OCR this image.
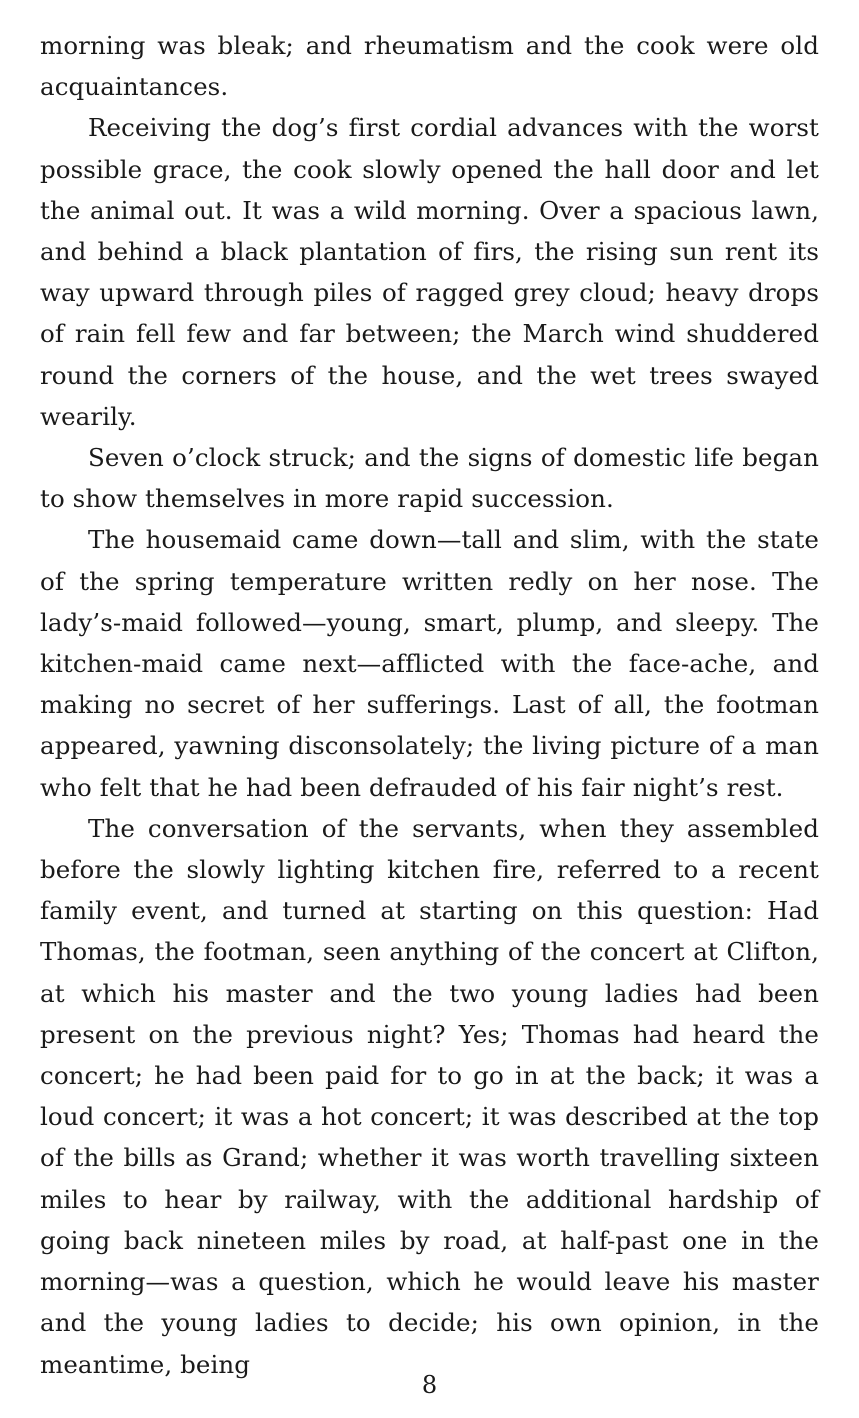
morning was bleak; and rheumatism and the cook were old acquaintances.

Receiving the dog’s first cordial advances with the worst possible grace, the cook slowly opened the hall door and let the animal out. It was a wild morning. Over a spacious lawn, and behind a black plantation of firs, the rising sun rent its way upward through piles of ragged grey cloud; heavy drops of rain fell few and far between; the March wind shuddered round the corners of the house, and the wet trees swayed wearily.

Seven o’clock struck; and the signs of domestic life began to show themselves in more rapid succession.

The housemaid came down—tall and slim, with the state of the spring temperature written redly on her nose. The lady’s-maid followed—young, smart, plump, and sleepy. The kitchen-maid came next—afflicted with the face-ache, and making no secret of her sufferings. Last of all, the footman appeared, yawning disconsolately; the living picture of a man who felt that he had been defrauded of his fair night’s rest.

The conversation of the servants, when they assembled before the slowly lighting kitchen fire, referred to a recent family event, and turned at starting on this question: Had Thomas, the footman, seen anything of the concert at Clifton, at which his master and the two young ladies had been present on the previous night? Yes; Thomas had heard the concert; he had been paid for to go in at the back; it was a loud concert; it was a hot concert; it was described at the top of the bills as Grand; whether it was worth travelling sixteen miles to hear by railway, with the additional hardship of going back nineteen miles by road, at half-past one in the morning—was a question, which he would leave his master and the young ladies to decide; his own opinion, in the meantime, being

8
